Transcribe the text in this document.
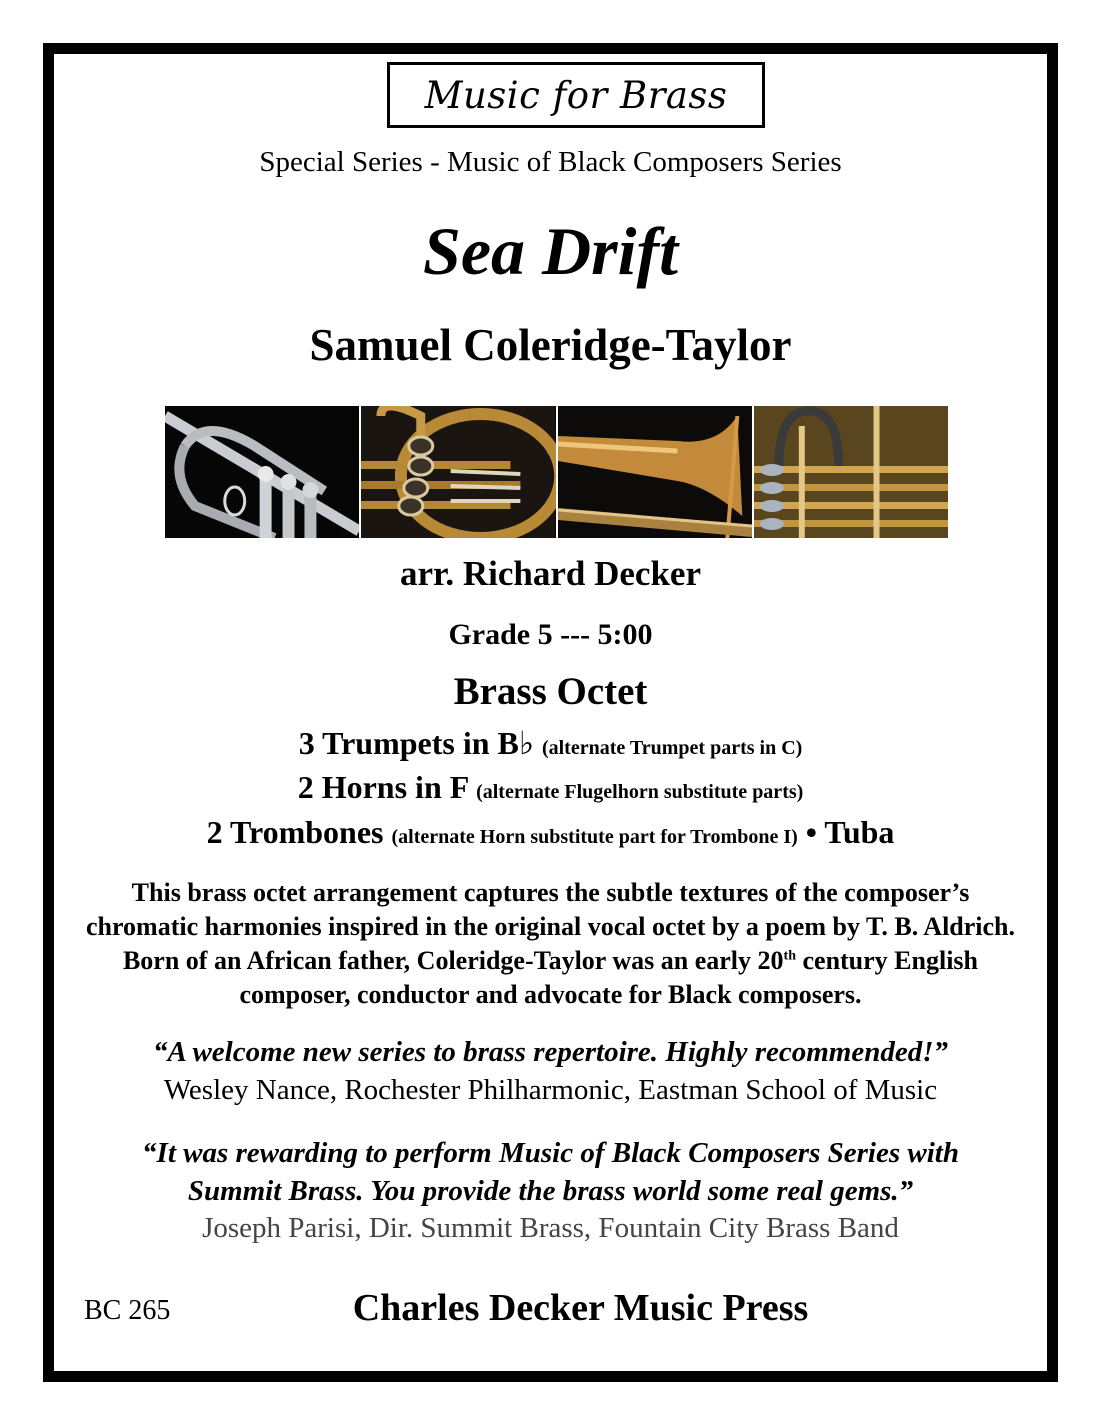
Music for Brass
Special Series - Music of Black Composers Series
Sea Drift
Samuel Coleridge-Taylor
arr. Richard Decker
Grade 5 --- 5:00
Brass Octet
3 Trumpets in B♭ (alternate Trumpet parts in C)
2 Horns in F (alternate Flugelhorn substitute parts)
2 Trombones (alternate Horn substitute part for Trombone I) • Tuba
This brass octet arrangement captures the subtle textures of the composer’s chromatic harmonies inspired in the original vocal octet by a poem by T. B. Aldrich. Born of an African father, Coleridge-Taylor was an early 20th century English composer, conductor and advocate for Black composers.
“A welcome new series to brass repertoire. Highly recommended!”
Wesley Nance, Rochester Philharmonic, Eastman School of Music
“It was rewarding to perform Music of Black Composers Series with Summit Brass. You provide the brass world some real gems.”
Joseph Parisi, Dir. Summit Brass, Fountain City Brass Band
BC 265	Charles Decker Music Press
